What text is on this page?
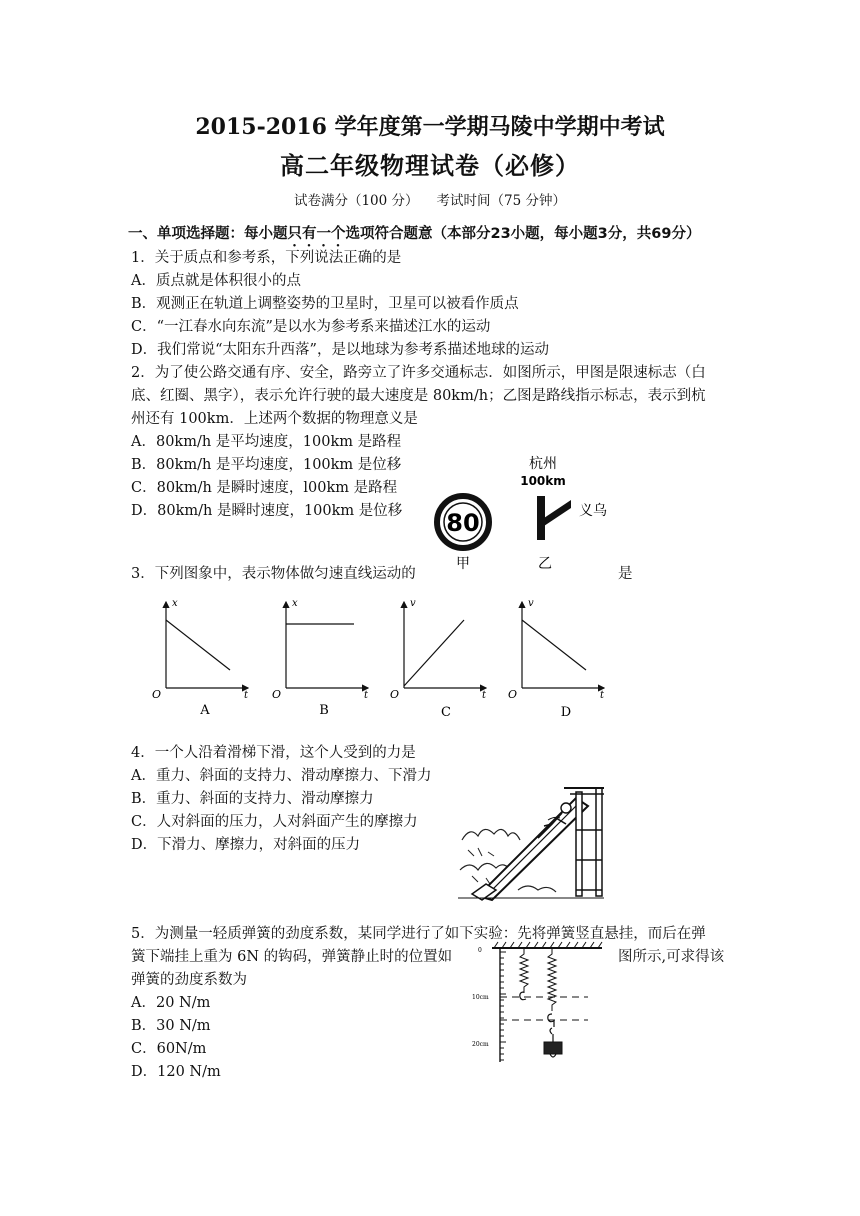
2015-2016 学年度第一学期马陵中学期中考试
高二年级物理试卷（必修）
试卷满分（100 分） 考试时间（75 分钟）
一、单项选择题：每小题只有一个选项符合题意（本部分23小题，每小题3分，共69分）
1．关于质点和参考系，下列说法正确的是
A．质点就是体积很小的点
B．观测正在轨道上调整姿势的卫星时，卫星可以被看作质点
C．“一江春水向东流”是以水为参考系来描述江水的运动
D．我们常说“太阳东升西落”，是以地球为参考系描述地球的运动
2．为了使公路交通有序、安全，路旁立了许多交通标志．如图所示，甲图是限速标志（白
底、红圈、黑字），表示允许行驶的最大速度是 80km/h；乙图是路线指示标志，表示到杭
州还有 100km．上述两个数据的物理意义是
A．80km/h 是平均速度，100km 是路程
B．80km/h 是平均速度，100km 是位移
C．80km/h 是瞬时速度，l00km 是路程
D．80km/h 是瞬时速度，100km 是位移 80
甲
杭州
100km
义乌
乙
3．下列图象中，表示物体做匀速直线运动的	是
x
t
O
A
x
t
O
B
v
t
O
C
v
t
O
D
4．一个人沿着滑梯下滑，这个人受到的力是
A．重力、斜面的支持力、滑动摩擦力、下滑力
B．重力、斜面的支持力、滑动摩擦力
C．人对斜面的压力，人对斜面产生的摩擦力
D．下滑力、摩擦力，对斜面的压力
5．为测量一轻质弹簧的劲度系数，某同学进行了如下实验：先将弹簧竖直悬挂，而后在弹
簧下端挂上重为 6N 的钩码，弹簧静止时的位置如	图所示,可求得该
弹簧的劲度系数为
A．20 N/m
B．30 N/m
C．60N/m
D．120 N/m
0
10cm
20cm
